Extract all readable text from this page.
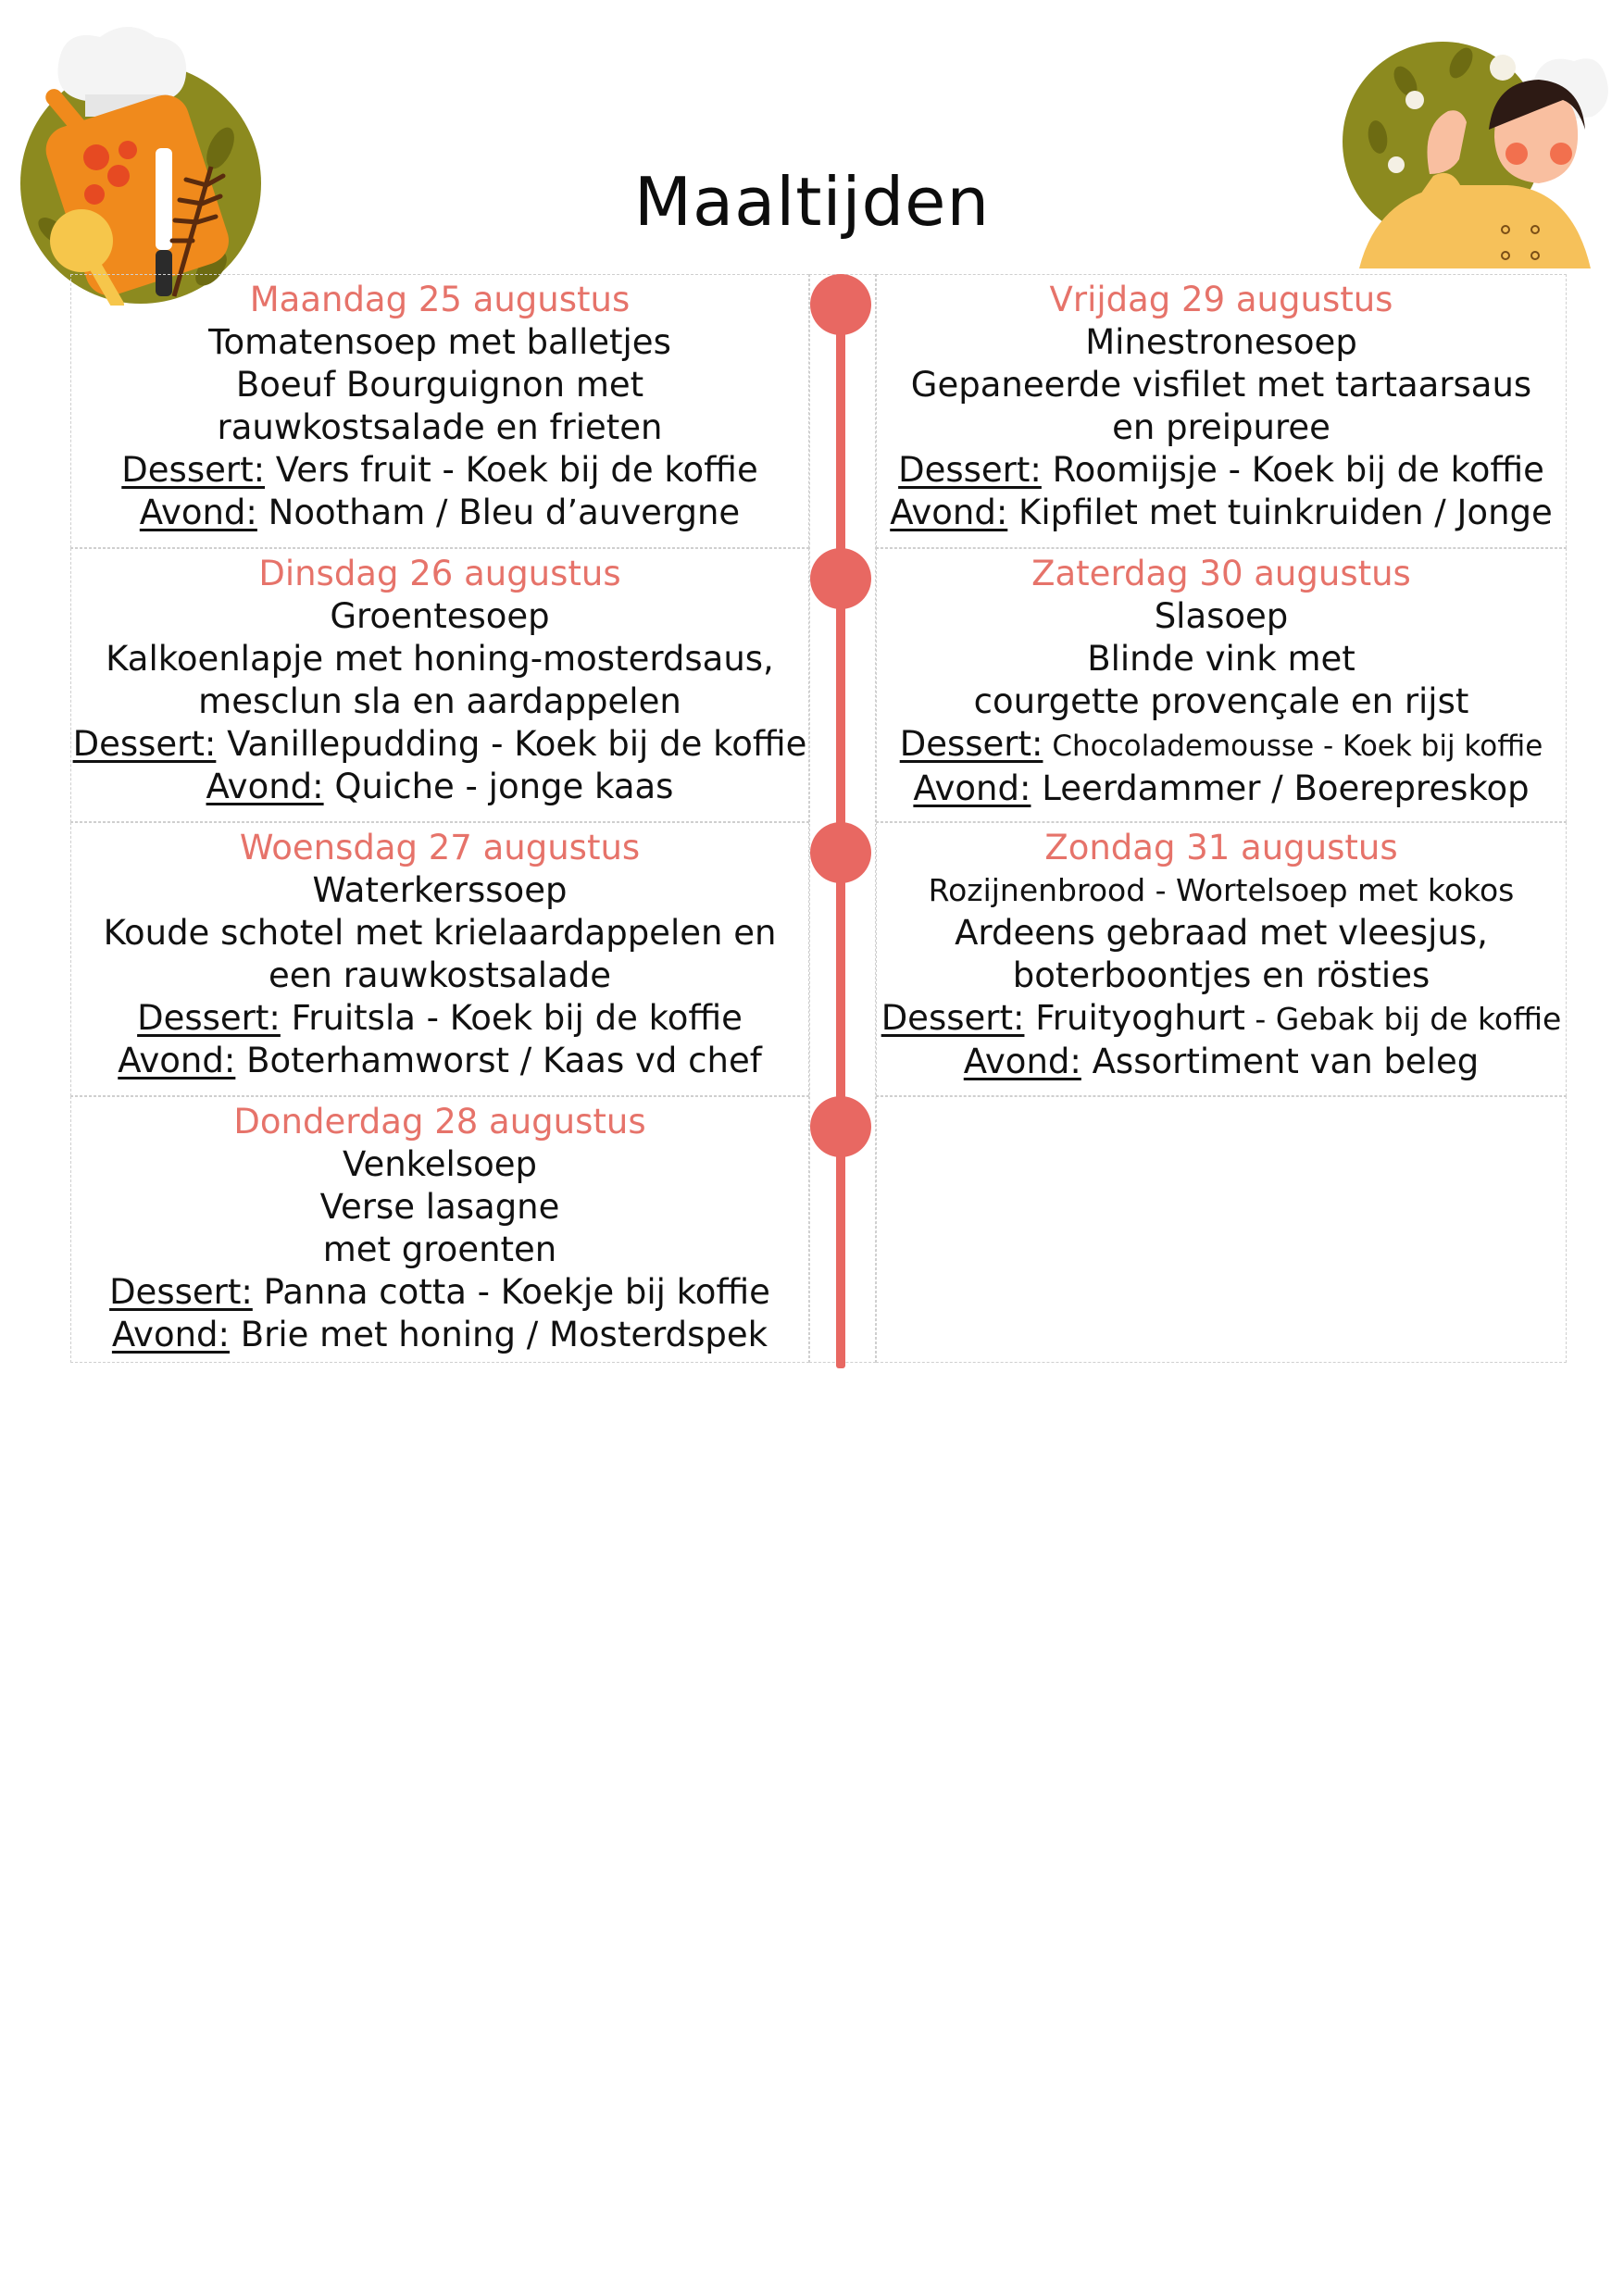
Maaltijden
Maandag 25 augustus
Tomatensoep met balletjes
Boeuf Bourguignon met
rauwkostsalade en frieten
Dessert: Vers fruit - Koek bij de koffie
Avond: Nootham / Bleu d’auvergne
Dinsdag 26 augustus
Groentesoep
Kalkoenlapje met honing-mosterdsaus,
mesclun sla en aardappelen
Dessert: Vanillepudding - Koek bij de koffie
Avond: Quiche - jonge kaas
Woensdag 27 augustus
Waterkerssoep
Koude schotel met krielaardappelen en
een rauwkostsalade
Dessert: Fruitsla - Koek bij de koffie
Avond: Boterhamworst / Kaas vd chef
Donderdag 28 augustus
Venkelsoep
Verse lasagne
met groenten
Dessert: Panna cotta - Koekje bij koffie
Avond: Brie met honing / Mosterdspek
Vrijdag 29 augustus
Minestronesoep
Gepaneerde visfilet met tartaarsaus
en preipuree
Dessert: Roomijsje - Koek bij de koffie
Avond: Kipfilet met tuinkruiden / Jonge
Zaterdag 30 augustus
Slasoep
Blinde vink met
courgette provençale en rijst
Dessert: Chocolademousse - Koek bij koffie
Avond: Leerdammer / Boerepreskop
Zondag 31 augustus
Rozijnenbrood - Wortelsoep met kokos
Ardeens gebraad met vleesjus,
boterboontjes en rösties
Dessert: Fruityoghurt - Gebak bij de koffie
Avond: Assortiment van beleg
